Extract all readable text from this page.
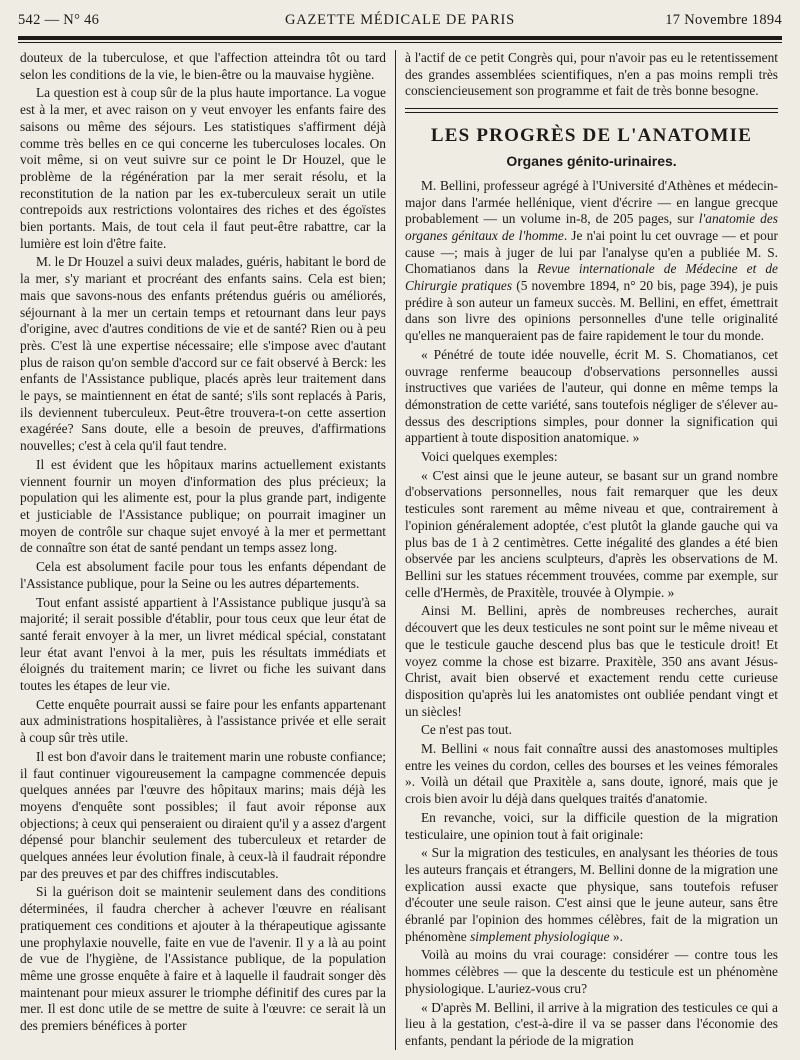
542 — N° 46	GAZETTE MÉDICALE DE PARIS	17 Novembre 1894

douteux de la tuberculose, et que l'affection atteindra tôt ou tard selon les conditions de la vie, le bien-être ou la mauvaise hygiène.

La question est à coup sûr de la plus haute importance. La vogue est à la mer, et avec raison on y veut envoyer les enfants faire des saisons ou même des séjours. Les statistiques s'affirment déjà comme très belles en ce qui concerne les tuberculoses locales. On voit même, si on veut suivre sur ce point le Dr Houzel, que le problème de la régénération par la mer serait résolu, et la reconstitution de la nation par les ex-tuberculeux serait un utile contrepoids aux restrictions volontaires des riches et des égoïstes bien portants. Mais, de tout cela il faut peut-être rabattre, car la lumière est loin d'être faite.

M. le Dr Houzel a suivi deux malades, guéris, habitant le bord de la mer, s'y mariant et procréant des enfants sains. Cela est bien; mais que savons-nous des enfants prétendus guéris ou améliorés, séjournant à la mer un certain temps et retournant dans leur pays d'origine, avec d'autres conditions de vie et de santé? Rien ou à peu près. C'est là une expertise nécessaire; elle s'impose avec d'autant plus de raison qu'on semble d'accord sur ce fait observé à Berck: les enfants de l'Assistance publique, placés après leur traitement dans le pays, se maintiennent en état de santé; s'ils sont replacés à Paris, ils deviennent tuberculeux. Peut-être trouvera-t-on cette assertion exagérée? Sans doute, elle a besoin de preuves, d'affirmations nouvelles; c'est à cela qu'il faut tendre.

Il est évident que les hôpitaux marins actuellement existants viennent fournir un moyen d'information des plus précieux; la population qui les alimente est, pour la plus grande part, indigente et justiciable de l'Assistance publique; on pourrait imaginer un moyen de contrôle sur chaque sujet envoyé à la mer et permettant de connaître son état de santé pendant un temps assez long.

Cela est absolument facile pour tous les enfants dépendant de l'Assistance publique, pour la Seine ou les autres départements.

Tout enfant assisté appartient à l'Assistance publique jusqu'à sa majorité; il serait possible d'établir, pour tous ceux que leur état de santé ferait envoyer à la mer, un livret médical spécial, constatant leur état avant l'envoi à la mer, puis les résultats immédiats et éloignés du traitement marin; ce livret ou fiche les suivant dans toutes les étapes de leur vie.

Cette enquête pourrait aussi se faire pour les enfants appartenant aux administrations hospitalières, à l'assistance privée et elle serait à coup sûr très utile.

Il est bon d'avoir dans le traitement marin une robuste confiance; il faut continuer vigoureusement la campagne commencée depuis quelques années par l'œuvre des hôpitaux marins; mais déjà les moyens d'enquête sont possibles; il faut avoir réponse aux objections; à ceux qui penseraient ou diraient qu'il y a assez d'argent dépensé pour blanchir seulement des tuberculeux et retarder de quelques années leur évolution finale, à ceux-là il faudrait répondre par des preuves et par des chiffres indiscutables.

Si la guérison doit se maintenir seulement dans des conditions déterminées, il faudra chercher à achever l'œuvre en réalisant pratiquement ces conditions et ajouter à la thérapeutique agissante une prophylaxie nouvelle, faite en vue de l'avenir. Il y a là au point de vue de l'hygiène, de l'Assistance publique, de la population même une grosse enquête à faire et à laquelle il faudrait songer dès maintenant pour mieux assurer le triomphe définitif des cures par la mer. Il est donc utile de se mettre de suite à l'œuvre: ce serait là un des premiers bénéfices à porter

à l'actif de ce petit Congrès qui, pour n'avoir pas eu le retentissement des grandes assemblées scientifiques, n'en a pas moins rempli très consciencieusement son programme et fait de très bonne besogne.

LES PROGRÈS DE L'ANATOMIE
Organes génito-urinaires.

M. Bellini, professeur agrégé à l'Université d'Athènes et médecin-major dans l'armée hellénique, vient d'écrire — en langue grecque probablement — un volume in-8, de 205 pages, sur l'anatomie des organes génitaux de l'homme. Je n'ai point lu cet ouvrage — et pour cause —; mais à juger de lui par l'analyse qu'en a publiée M. S. Chomatianos dans la Revue internationale de Médecine et de Chirurgie pratiques (5 novembre 1894, n° 20 bis, page 394), je puis prédire à son auteur un fameux succès. M. Bellini, en effet, émettrait dans son livre des opinions personnelles d'une telle originalité qu'elles ne manqueraient pas de faire rapidement le tour du monde.

« Pénétré de toute idée nouvelle, écrit M. S. Chomatianos, cet ouvrage renferme beaucoup d'observations personnelles aussi instructives que variées de l'auteur, qui donne en même temps la démonstration de cette variété, sans toutefois négliger de s'élever au-dessus des descriptions simples, pour donner la signification qui appartient à toute disposition anatomique. »

Voici quelques exemples:

« C'est ainsi que le jeune auteur, se basant sur un grand nombre d'observations personnelles, nous fait remarquer que les deux testicules sont rarement au même niveau et que, contrairement à l'opinion généralement adoptée, c'est plutôt la glande gauche qui va plus bas de 1 à 2 centimètres. Cette inégalité des glandes a été bien observée par les anciens sculpteurs, d'après les observations de M. Bellini sur les statues récemment trouvées, comme par exemple, sur celle d'Hermès, de Praxitèle, trouvée à Olympie. »

Ainsi M. Bellini, après de nombreuses recherches, aurait découvert que les deux testicules ne sont point sur le même niveau et que le testicule gauche descend plus bas que le testicule droit! Et voyez comme la chose est bizarre. Praxitèle, 350 ans avant Jésus-Christ, avait bien observé et exactement rendu cette curieuse disposition qu'après lui les anatomistes ont oubliée pendant vingt et un siècles!

Ce n'est pas tout.

M. Bellini « nous fait connaître aussi des anastomoses multiples entre les veines du cordon, celles des bourses et les veines fémorales ». Voilà un détail que Praxitèle a, sans doute, ignoré, mais que je crois bien avoir lu déjà dans quelques traités d'anatomie.

En revanche, voici, sur la difficile question de la migration testiculaire, une opinion tout à fait originale:

« Sur la migration des testicules, en analysant les théories de tous les auteurs français et étrangers, M. Bellini donne de la migration une explication aussi exacte que physique, sans toutefois refuser d'écouter une seule raison. C'est ainsi que le jeune auteur, sans être ébranlé par l'opinion des hommes célèbres, fait de la migration un phénomène simplement physiologique ».

Voilà au moins du vrai courage: considérer — contre tous les hommes célèbres — que la descente du testicule est un phénomène physiologique. L'auriez-vous cru?

« D'après M. Bellini, il arrive à la migration des testicules ce qui a lieu à la gestation, c'est-à-dire il va se passer dans l'économie des enfants, pendant la période de la migration
